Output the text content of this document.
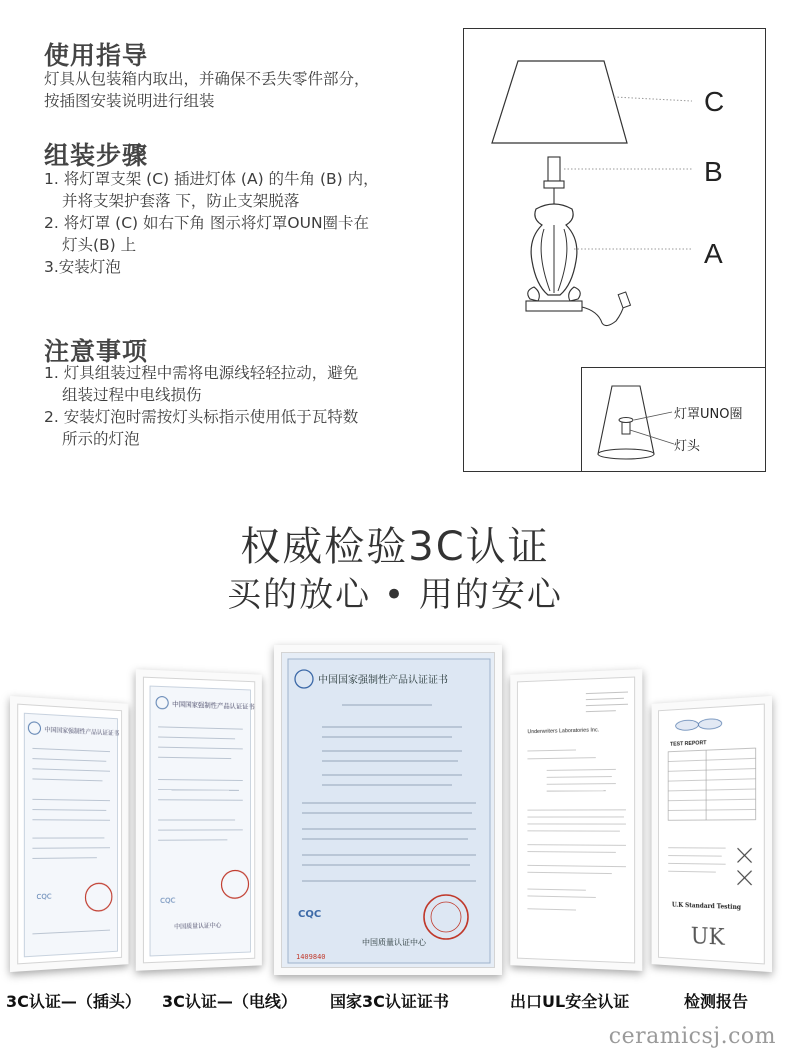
使用指导
灯具从包装箱内取出，并确保不丢失零件部分，
按插图安装说明进行组装
组装步骤
1. 将灯罩支架 (C) 插进灯体 (A) 的牛角 (B) 内，
并将支架护套落 下，防止支架脱落
2. 将灯罩 (C) 如右下角 图示将灯罩OUN圈卡在
灯头(B) 上
3.安装灯泡
注意事项
1. 灯具组装过程中需将电源线轻轻拉动，避免
组装过程中电线损伤
2. 安装灯泡时需按灯头标指示使用低于瓦特数
所示的灯泡
C
B
A
灯罩UNO圈
灯头
权威检验3C认证
买的放心 • 用的安心
中国国家强制性产品认证证书
CQC
中国国家强制性产品认证证书
CQC
中国质量认证中心
中国国家强制性产品认证证书
CQC
中国质量认证中心
1409840
Underwriters Laboratories Inc.
TEST REPORT
U.K Standard Testing
UK
3C认证—（插头） 3C认证—（电线） 国家3C认证证书	出口UL安全认证	检测报告
ceramicsj.com
